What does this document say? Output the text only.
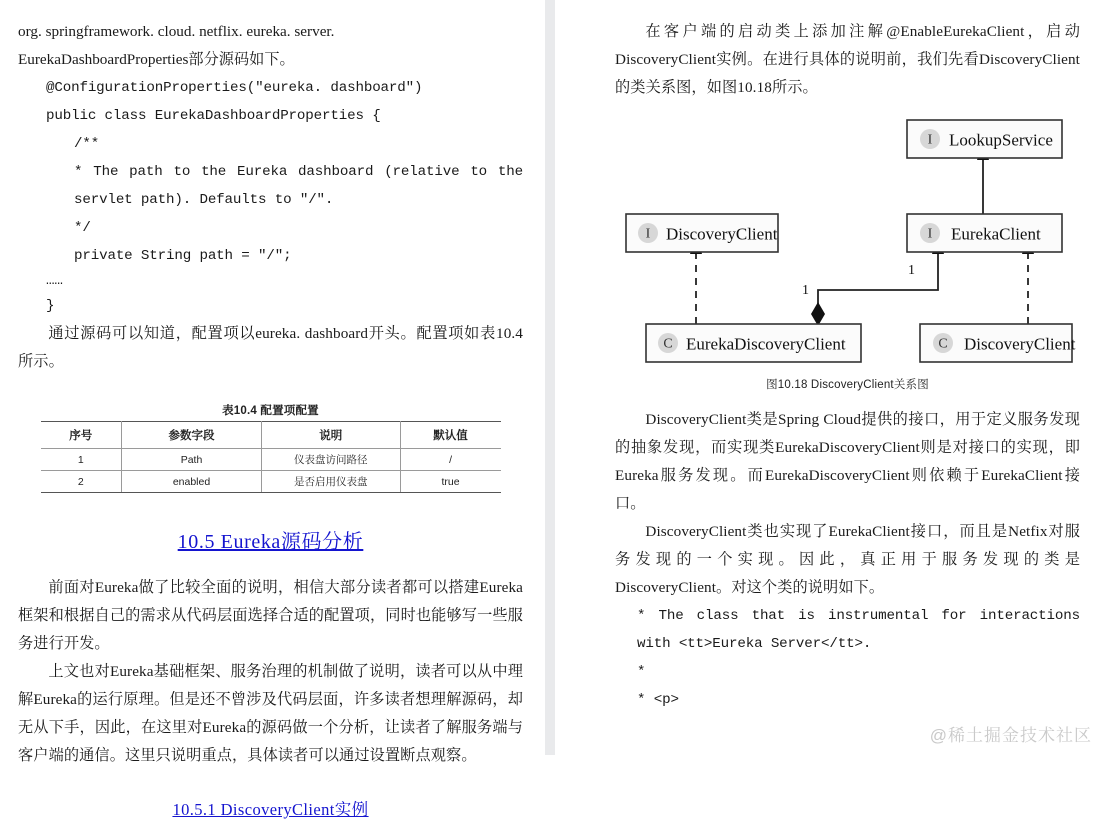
org. springframework. cloud. netflix. eureka. server.

EurekaDashboardProperties部分源码如下。

@ConfigurationProperties("eureka. dashboard")

public class EurekaDashboardProperties {

/**

* The path to the Eureka dashboard (relative to the servlet path). Defaults to "/".

*/

private String path = "/";

……

}

通过源码可以知道，配置项以eureka. dashboard开头。配置项如表10.4所示。

表10.4 配置项配置
序号	参数字段	说明	默认值
1	Path	仪表盘访问路径	/
2	enabled	是否启用仪表盘	true
10.5 Eureka源码分析

前面对Eureka做了比较全面的说明，相信大部分读者都可以搭建Eureka框架和根据自己的需求从代码层面选择合适的配置项，同时也能够写一些服务进行开发。

上文也对Eureka基础框架、服务治理的机制做了说明，读者可以从中理解Eureka的运行原理。但是还不曾涉及代码层面，许多读者想理解源码，却无从下手，因此，在这里对Eureka的源码做一个分析，让读者了解服务端与客户端的通信。这里只说明重点，具体读者可以通过设置断点观察。

10.5.1 DiscoveryClient实例

在客户端的启动类上添加注解@EnableEurekaClient，启动DiscoveryClient实例。在进行具体的说明前，我们先看DiscoveryClient的类关系图，如图10.18所示。

1
1
I LookupService
I DiscoveryClient	I EurekaClient
C EurekaDiscoveryClient	C DiscoveryClient
图10.18 DiscoveryClient关系图

DiscoveryClient类是Spring Cloud提供的接口，用于定义服务发现的抽象发现，而实现类EurekaDiscoveryClient则是对接口的实现，即Eureka服务发现。而EurekaDiscoveryClient则依赖于EurekaClient接口。

DiscoveryClient类也实现了EurekaClient接口，而且是Netfix对服务发现的一个实现。因此，真正用于服务发现的类是DiscoveryClient。对这个类的说明如下。

* The class that is instrumental for interactions with <tt>Eureka Server</tt>.

*

* <p>

@稀土掘金技术社区
